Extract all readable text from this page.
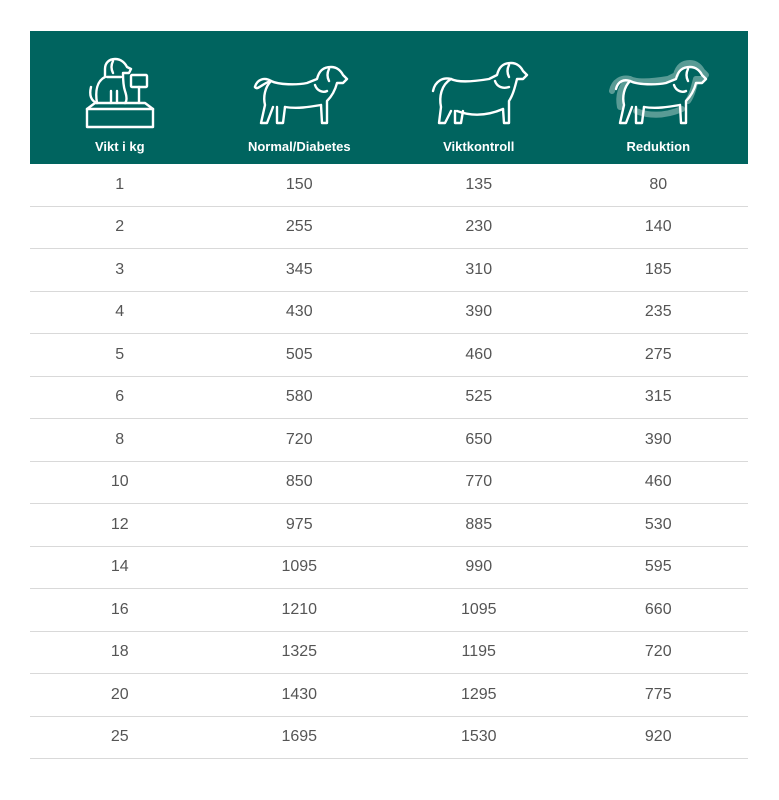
Vikt i kg	Normal/Diabetes	Viktkontroll	Reduktion
1	150	135	80
2	255	230	140
3	345	310	185
4	430	390	235
5	505	460	275
6	580	525	315
8	720	650	390
10	850	770	460
12	975	885	530
14	1095	990	595
16	1210	1095	660
18	1325	1195	720
20	1430	1295	775
25	1695	1530	920
